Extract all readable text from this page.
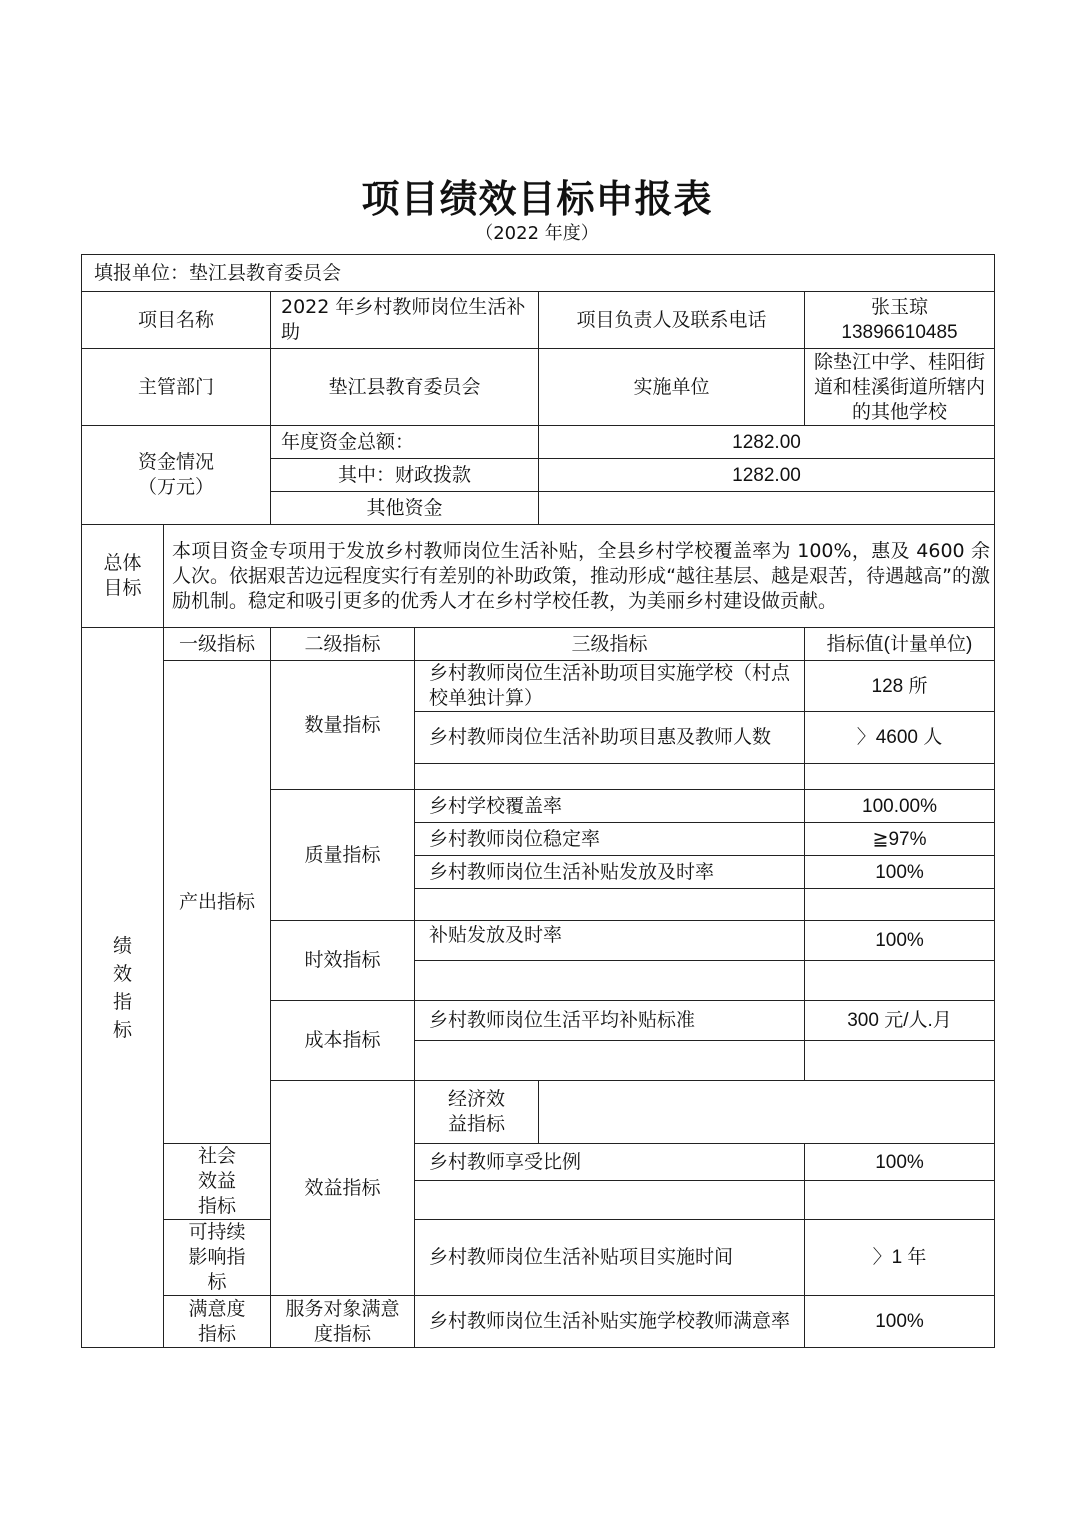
项目绩效目标申报表
（2022 年度）
填报单位：垫江县教育委员会						
项目名称		2022 年乡村教师岗位生活补助		项目负责人及联系电话	张玉琼 13896610485	
主管部门		垫江县教育委员会		实施单位	除垫江中学、桂阳街道和桂溪街道所辖内的其他学校	
资金情况（万元）		年度资金总额：		1282.00		
		其中：财政拨款		1282.00		
		其他资金				
总体目标	本项目资金专项用于发放乡村教师岗位生活补贴，全县乡村学校覆盖率为 100%，惠及 4600 余人次。依据艰苦边远程度实行有差别的补助政策，推动形成“越往基层、越是艰苦，待遇越高”的激励机制。稳定和吸引更多的优秀人才在乡村学校任教，为美丽乡村建设做贡献。					

绩效指标	一级指标	二级指标	三级指标		指标值(计量单位)	
	产出指标	数量指标	乡村教师岗位生活补助项目实施学校（村点校单独计算）		128 所	
			乡村教师岗位生活补助项目惠及教师人数		〉4600 人	

		质量指标	乡村学校覆盖率		100.00%	
			乡村教师岗位稳定率		≧97%	
			乡村教师岗位生活补贴发放及时率		100%	

		时效指标	补贴发放及时率		100%	

		成本指标	乡村教师岗位生活平均补贴标准		300 元/人.月	

		效益指标	经济效益指标			
	社会效益指标		乡村教师享受比例		100%	

	可持续影响指标		乡村教师岗位生活补贴项目实施时间		〉1 年	
	满意度指标	服务对象满意度指标	乡村教师岗位生活补贴实施学校教师满意率		100%	
